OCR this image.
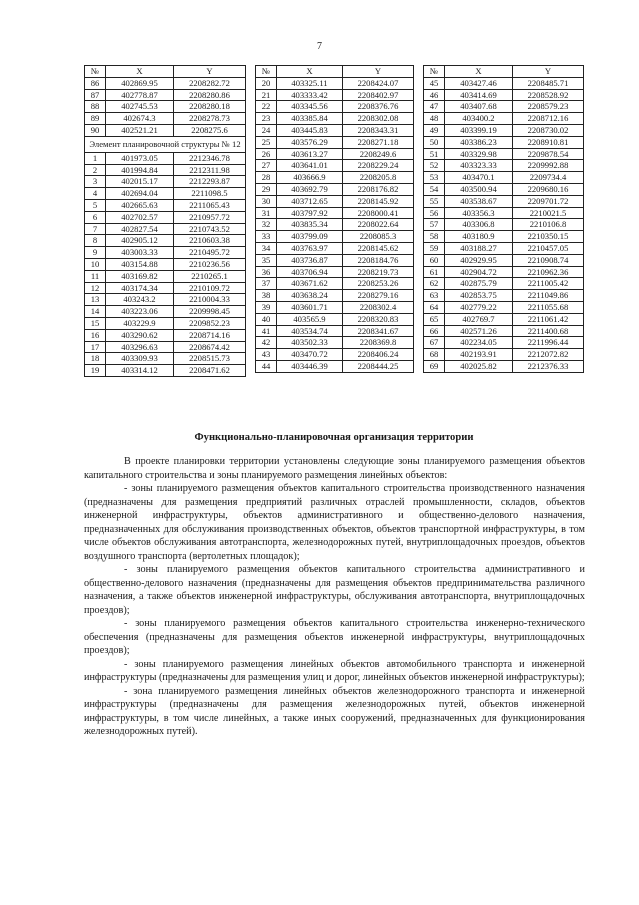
7
№	X	Y
86	402869.95	2208282.72
87	402778.87	2208280.86
88	402745.53	2208280.18
89	402674.3	2208278.73
90	402521.21	2208275.6
Элемент планировочной структуры № 12		
1	401973.05	2212346.78
2	401994.84	2212311.98
3	402015.17	2212293.87
4	402694.04	2211098.5
5	402665.63	2211065.43
6	402702.57	2210957.72
7	402827.54	2210743.52
8	402905.12	2210603.38
9	403003.33	2210495.72
10	403154.88	2210236.56
11	403169.82	2210265.1
12	403174.34	2210109.72
13	403243.2	2210004.33
14	403223.06	2209998.45
15	403229.9	2209852.23
16	403290.62	2208714.16
17	403296.63	2208674.42
18	403309.93	2208515.73
19	403314.12	2208471.62
№	X	Y
20	403325.11	2208424.07
21	403333.42	2208402.97
22	403345.56	2208376.76
23	403385.84	2208302.08
24	403445.83	2208343.31
25	403576.29	2208271.18
26	403613.27	2208249.6
27	403641.01	2208229.24
28	403666.9	2208205.8
29	403692.79	2208176.82
30	403712.65	2208145.92
31	403797.92	2208000.41
32	403835.34	2208022.64
33	403799.09	2208085.3
34	403763.97	2208145.62
35	403736.87	2208184.76
36	403706.94	2208219.73
37	403671.62	2208253.26
38	403638.24	2208279.16
39	403601.71	2208302.4
40	403565.9	2208320.83
41	403534.74	2208341.67
42	403502.33	2208369.8
43	403470.72	2208406.24
44	403446.39	2208444.25
№	X	Y
45	403427.46	2208485.71
46	403414.69	2208528.92
47	403407.68	2208579.23
48	403400.2	2208712.16
49	403399.19	2208730.02
50	403386.23	2208910.81
51	403329.98	2209878.54
52	403323.33	2209992.88
53	403470.1	2209734.4
54	403500.94	2209680.16
55	403538.67	2209701.72
56	403356.3	2210021.5
57	403306.8	2210106.8
58	403180.9	2210350.15
59	403188.27	2210457.05
60	402929.95	2210908.74
61	402904.72	2210962.36
62	402875.79	2211005.42
63	402853.75	2211049.86
64	402779.22	2211055.68
65	402769.7	2211061.42
66	402571.26	2211400.68
67	402234.05	2211996.44
68	402193.91	2212072.82
69	402025.82	2212376.33
Функционально-планировочная организация территории

В проекте планировки территории установлены следующие зоны планируемого размещения объектов капитального строительства и зоны планируемого размещения линейных объектов:

- зоны планируемого размещения объектов капитального строительства производственного назначения (предназначены для размещения предприятий различных отраслей промышленности, складов, объектов инженерной инфраструктуры, объектов административного и общественно-делового назначения, предназначенных для обслуживания производственных объектов, объектов транспортной инфраструктуры, в том числе объектов обслуживания автотранспорта, железнодорожных путей, внутриплощадочных проездов, объектов воздушного транспорта (вертолетных площадок);

- зоны планируемого размещения объектов капитального строительства административного и общественно-делового назначения (предназначены для размещения объектов предпринимательства различного назначения, а также объектов инженерной инфраструктуры, обслуживания автотранспорта, внутриплощадочных проездов);

- зоны планируемого размещения объектов капитального строительства инженерно-технического обеспечения (предназначены для размещения объектов инженерной инфраструктуры, внутриплощадочных проездов);

- зоны планируемого размещения линейных объектов автомобильного транспорта и инженерной инфраструктуры (предназначены для размещения улиц и дорог, линейных объектов инженерной инфраструктуры);

- зона планируемого размещения линейных объектов железнодорожного транспорта и инженерной инфраструктуры (предназначены для размещения железнодорожных путей, объектов инженерной инфраструктуры, в том числе линейных, а также иных сооружений, предназначенных для функционирования железнодорожных путей).
